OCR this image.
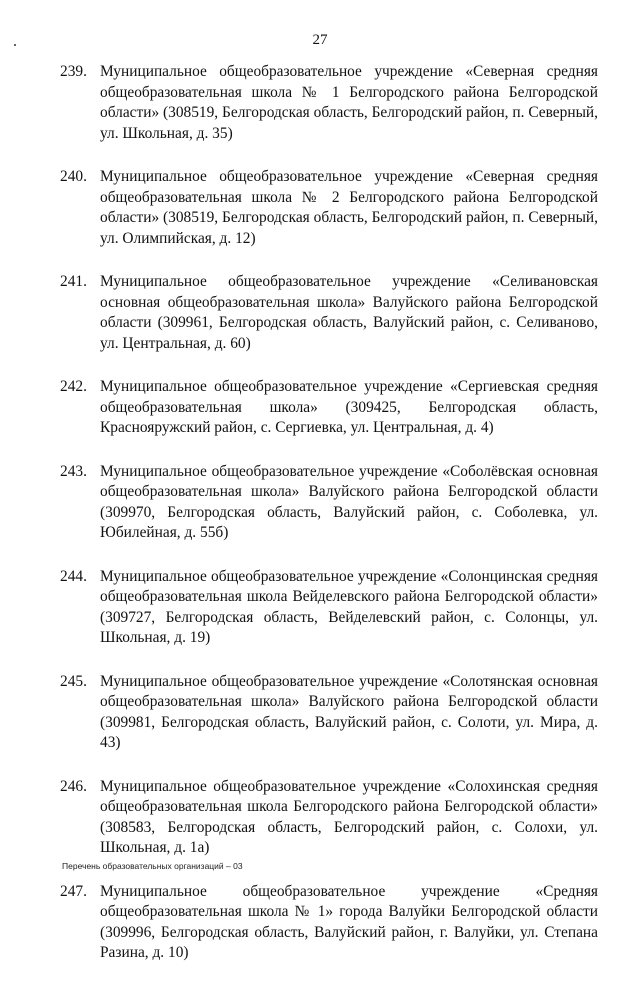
27
239. Муниципальное общеобразовательное учреждение «Северная средняя общеобразовательная школа № 1 Белгородского района Белгородской области» (308519, Белгородская область, Белгородский район, п. Северный, ул. Школьная, д. 35)
240. Муниципальное общеобразовательное учреждение «Северная средняя общеобразовательная школа № 2 Белгородского района Белгородской области» (308519, Белгородская область, Белгородский район, п. Северный, ул. Олимпийская, д. 12)
241. Муниципальное общеобразовательное учреждение «Селивановская основная общеобразовательная школа» Валуйского района Белгородской области (309961, Белгородская область, Валуйский район, с. Селиваново, ул. Центральная, д. 60)
242. Муниципальное общеобразовательное учреждение «Сергиевская средняя общеобразовательная школа» (309425, Белгородская область, Краснояружский район, с. Сергиевка, ул. Центральная, д. 4)
243. Муниципальное общеобразовательное учреждение «Соболёвская основная общеобразовательная школа» Валуйского района Белгородской области (309970, Белгородская область, Валуйский район, с. Соболевка, ул. Юбилейная, д. 55б)
244. Муниципальное общеобразовательное учреждение «Солонцинская средняя общеобразовательная школа Вейделевского района Белгородской области» (309727, Белгородская область, Вейделевский район, с. Солонцы, ул. Школьная, д. 19)
245. Муниципальное общеобразовательное учреждение «Солотянская основная общеобразовательная школа» Валуйского района Белгородской области (309981, Белгородская область, Валуйский район, с. Солоти, ул. Мира, д. 43)
246. Муниципальное общеобразовательное учреждение «Солохинская средняя общеобразовательная школа Белгородского района Белгородской области» (308583, Белгородская область, Белгородский район, с. Солохи, ул. Школьная, д. 1а)
247. Муниципальное общеобразовательное учреждение «Средняя общеобразовательная школа № 1» города Валуйки Белгородской области (309996, Белгородская область, Валуйский район, г. Валуйки, ул. Степана Разина, д. 10)
Перечень образовательных организаций – 03
